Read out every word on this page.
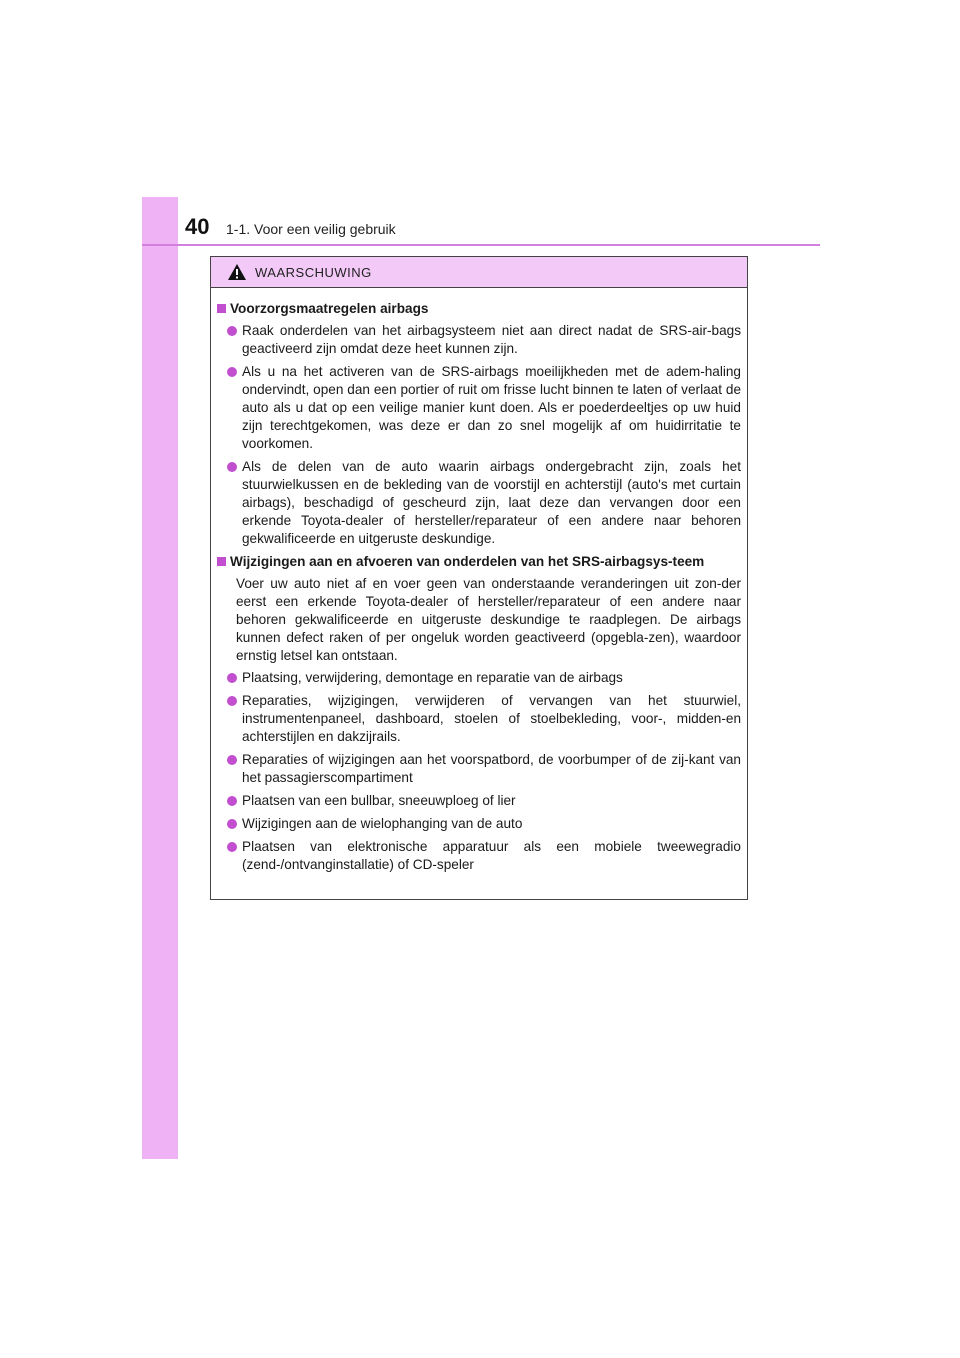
40 1-1. Voor een veilig gebruik
WAARSCHUWING
Voorzorgsmaatregelen airbags
Raak onderdelen van het airbagsysteem niet aan direct nadat de SRS-air-bags geactiveerd zijn omdat deze heet kunnen zijn.
Als u na het activeren van de SRS-airbags moeilijkheden met de adem-haling ondervindt, open dan een portier of ruit om frisse lucht binnen te laten of verlaat de auto als u dat op een veilige manier kunt doen. Als er poederdeeltjes op uw huid zijn terechtgekomen, was deze er dan zo snel mogelijk af om huidirritatie te voorkomen.
Als de delen van de auto waarin airbags ondergebracht zijn, zoals het stuurwielkussen en de bekleding van de voorstijl en achterstijl (auto's met curtain airbags), beschadigd of gescheurd zijn, laat deze dan vervangen door een erkende Toyota-dealer of hersteller/reparateur of een andere naar behoren gekwalificeerde en uitgeruste deskundige.
Wijzigingen aan en afvoeren van onderdelen van het SRS-airbagsys-teem
Voer uw auto niet af en voer geen van onderstaande veranderingen uit zon-der eerst een erkende Toyota-dealer of hersteller/reparateur of een andere naar behoren gekwalificeerde en uitgeruste deskundige te raadplegen. De airbags kunnen defect raken of per ongeluk worden geactiveerd (opgebla-zen), waardoor ernstig letsel kan ontstaan.
Plaatsing, verwijdering, demontage en reparatie van de airbags
Reparaties, wijzigingen, verwijderen of vervangen van het stuurwiel, instrumentenpaneel, dashboard, stoelen of stoelbekleding, voor-, midden-en achterstijlen en dakzijrails.
Reparaties of wijzigingen aan het voorspatbord, de voorbumper of de zij-kant van het passagierscompartiment
Plaatsen van een bullbar, sneeuwploeg of lier
Wijzigingen aan de wielophanging van de auto
Plaatsen van elektronische apparatuur als een mobiele tweewegradio (zend-/ontvanginstallatie) of CD-speler
